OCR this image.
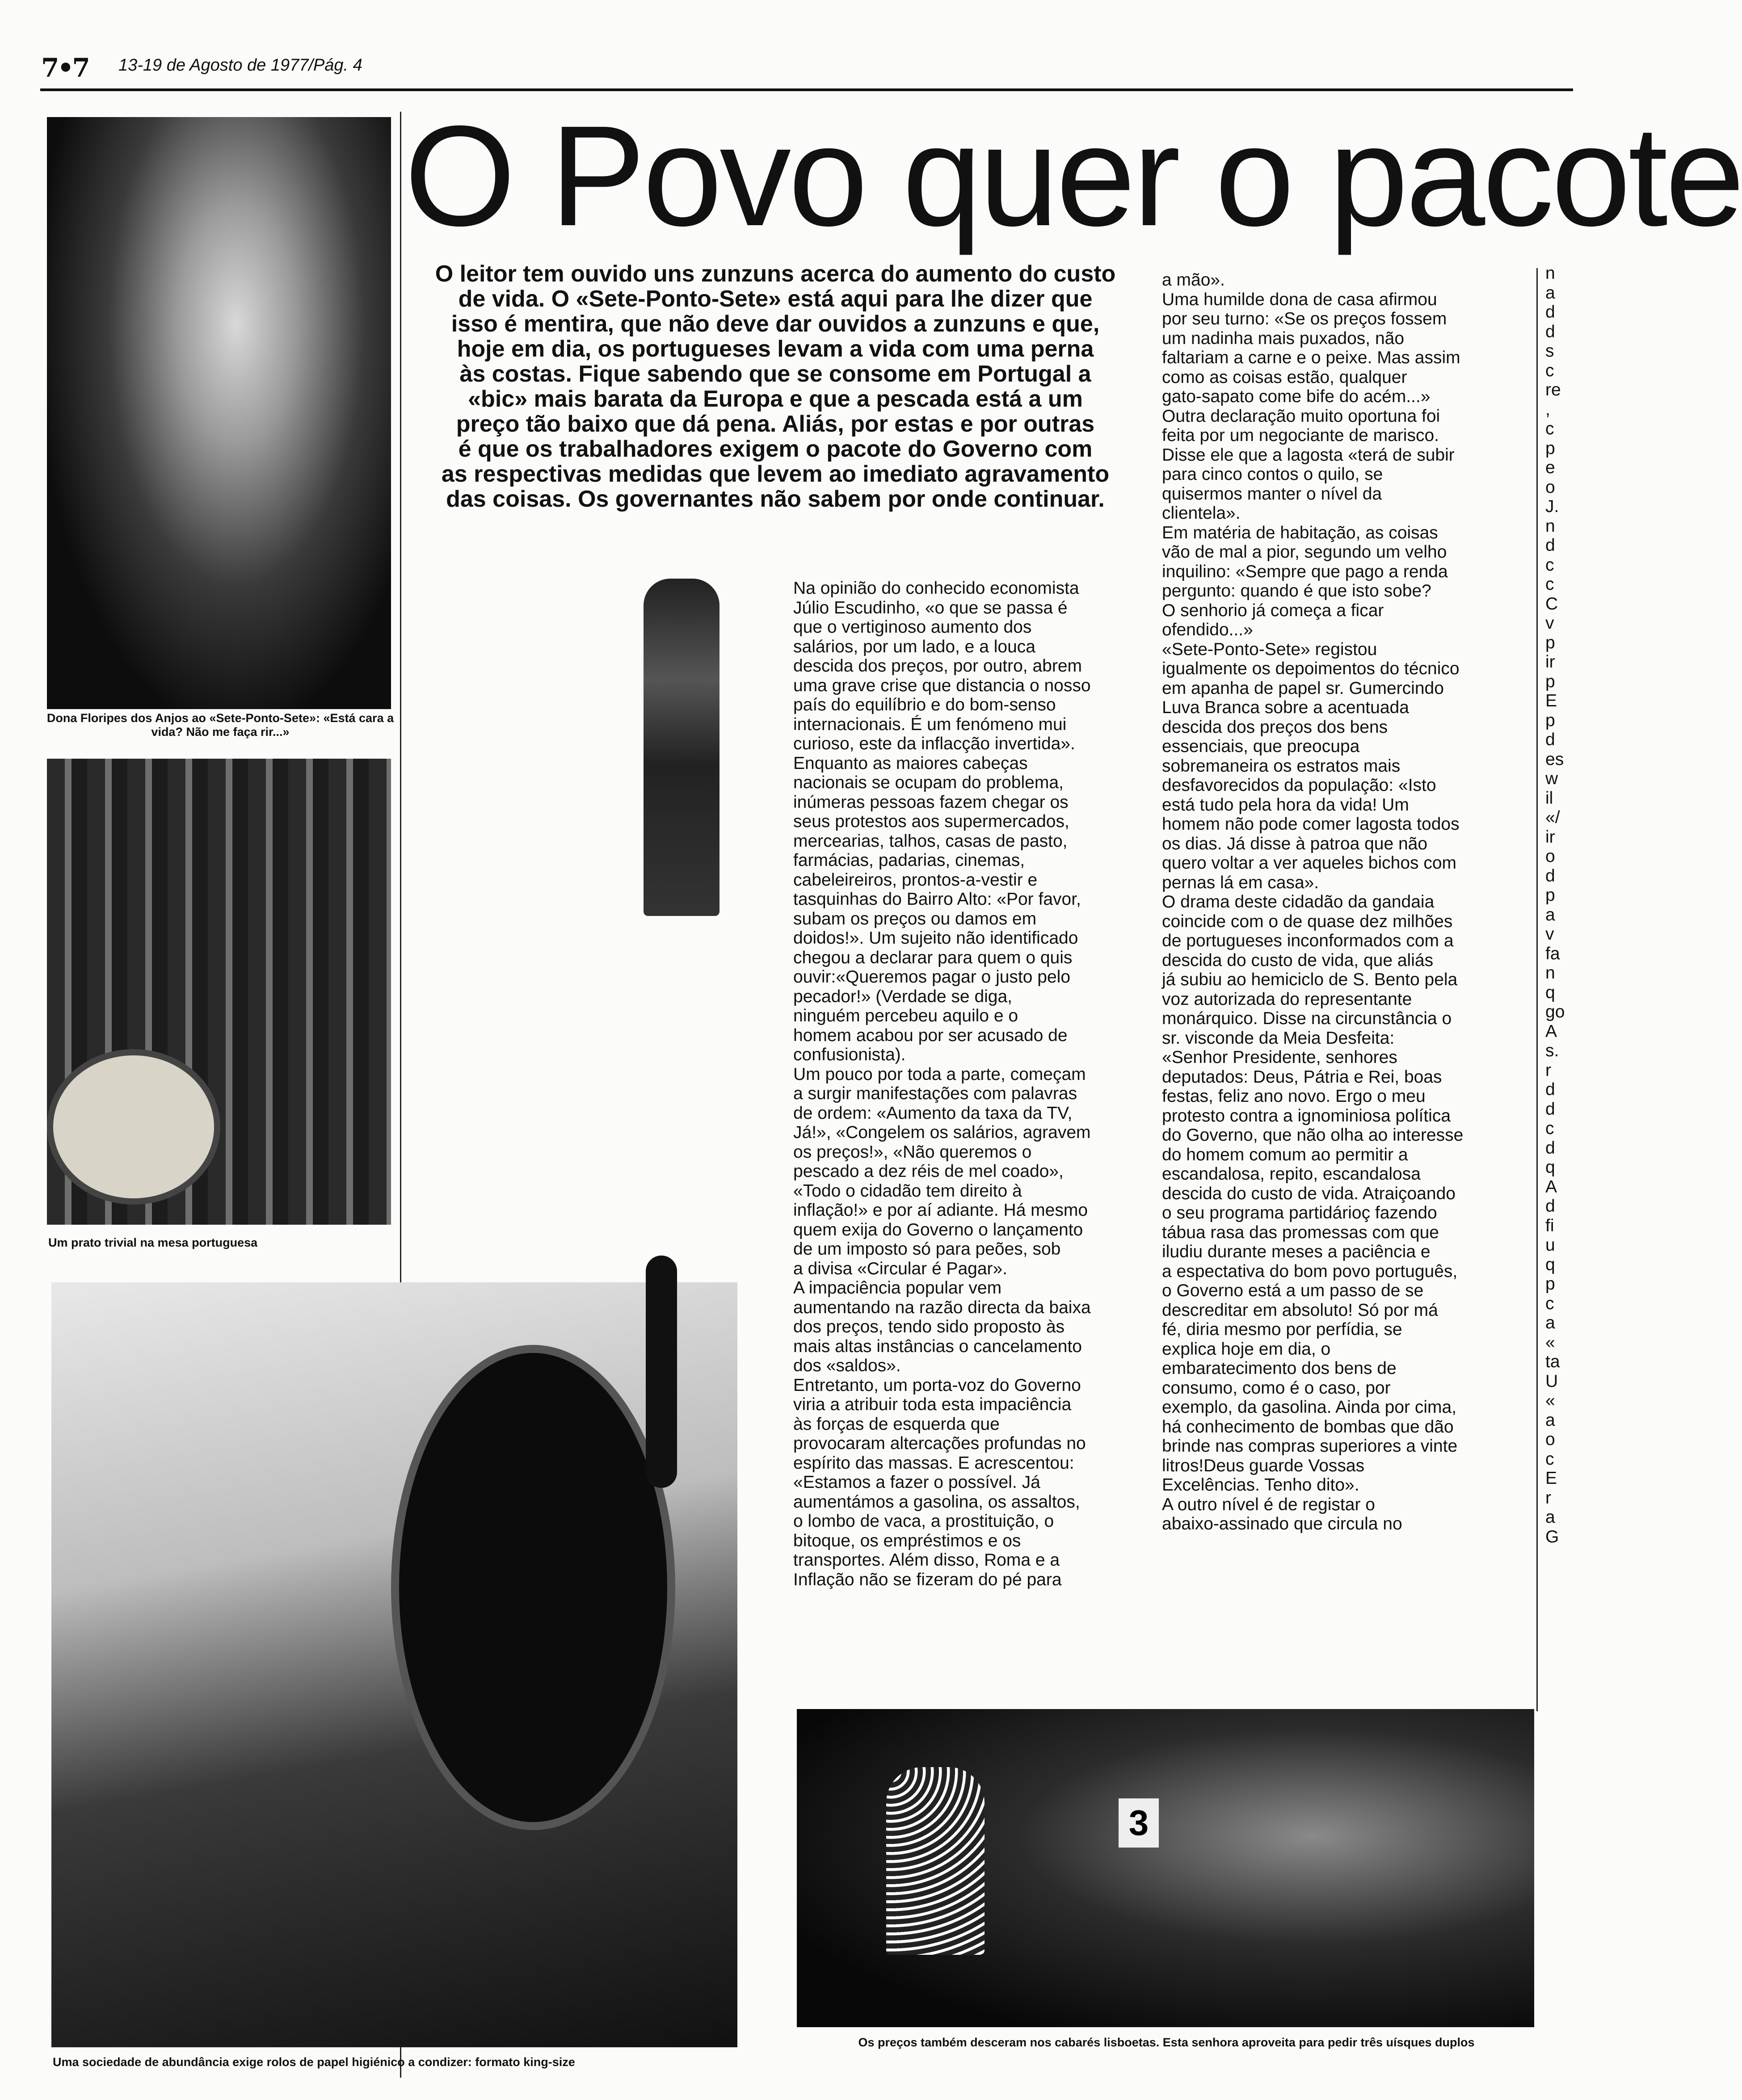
7•7 13-19 de Agosto de 1977/Pág. 4
O Povo quer o pacote
O leitor tem ouvido uns zunzuns acerca do aumento do custo
de vida. O «Sete-Ponto-Sete» está aqui para lhe dizer que
isso é mentira, que não deve dar ouvidos a zunzuns e que,
hoje em dia, os portugueses levam a vida com uma perna
às costas. Fique sabendo que se consome em Portugal a
«bic» mais barata da Europa e que a pescada está a um
preço tão baixo que dá pena. Aliás, por estas e por outras
é que os trabalhadores exigem o pacote do Governo com
as respectivas medidas que levem ao imediato agravamento
das coisas. Os governantes não sabem por onde continuar.
Na opinião do conhecido economista
Júlio Escudinho, «o que se passa é
que o vertiginoso aumento dos
salários, por um lado, e a louca
descida dos preços, por outro, abrem
uma grave crise que distancia o nosso
país do equilíbrio e do bom-senso
internacionais. É um fenómeno mui
curioso, este da inflacção invertida».
Enquanto as maiores cabeças
nacionais se ocupam do problema,
inúmeras pessoas fazem chegar os
seus protestos aos supermercados,
mercearias, talhos, casas de pasto,
farmácias, padarias, cinemas,
cabeleireiros, prontos-a-vestir e
tasquinhas do Bairro Alto: «Por favor,
subam os preços ou damos em
doidos!». Um sujeito não identificado
chegou a declarar para quem o quis
ouvir:«Queremos pagar o justo pelo
pecador!» (Verdade se diga,
ninguém percebeu aquilo e o
homem acabou por ser acusado de
confusionista).
Um pouco por toda a parte, começam
a surgir manifestações com palavras
de ordem: «Aumento da taxa da TV,
Já!», «Congelem os salários, agravem
os preços!», «Não queremos o
pescado a dez réis de mel coado»,
«Todo o cidadão tem direito à
inflação!» e por aí adiante. Há mesmo
quem exija do Governo o lançamento
de um imposto só para peões, sob
a divisa «Circular é Pagar».
A impaciência popular vem
aumentando na razão directa da baixa
dos preços, tendo sido proposto às
mais altas instâncias o cancelamento
dos «saldos».
Entretanto, um porta-voz do Governo
viria a atribuir toda esta impaciência
às forças de esquerda que
provocaram altercações profundas no
espírito das massas. E acrescentou:
«Estamos a fazer o possível. Já
aumentámos a gasolina, os assaltos,
o lombo de vaca, a prostituição, o
bitoque, os empréstimos e os
transportes. Além disso, Roma e a
Inflação não se fizeram do pé para
a mão».
Uma humilde dona de casa afirmou
por seu turno: «Se os preços fossem
um nadinha mais puxados, não
faltariam a carne e o peixe. Mas assim
como as coisas estão, qualquer
gato-sapato come bife do acém...»
Outra declaração muito oportuna foi
feita por um negociante de marisco.
Disse ele que a lagosta «terá de subir
para cinco contos o quilo, se
quisermos manter o nível da
clientela».
Em matéria de habitação, as coisas
vão de mal a pior, segundo um velho
inquilino: «Sempre que pago a renda
pergunto: quando é que isto sobe?
O senhorio já começa a ficar
ofendido...»
«Sete-Ponto-Sete» registou
igualmente os depoimentos do técnico
em apanha de papel sr. Gumercindo
Luva Branca sobre a acentuada
descida dos preços dos bens
essenciais, que preocupa
sobremaneira os estratos mais
desfavorecidos da população: «Isto
está tudo pela hora da vida! Um
homem não pode comer lagosta todos
os dias. Já disse à patroa que não
quero voltar a ver aqueles bichos com
pernas lá em casa».
O drama deste cidadão da gandaia
coincide com o de quase dez milhões
de portugueses inconformados com a
descida do custo de vida, que aliás
já subiu ao hemiciclo de S. Bento pela
voz autorizada do representante
monárquico. Disse na circunstância o
sr. visconde da Meia Desfeita:
«Senhor Presidente, senhores
deputados: Deus, Pátria e Rei, boas
festas, feliz ano novo. Ergo o meu
protesto contra a ignominiosa política
do Governo, que não olha ao interesse
do homem comum ao permitir a
escandalosa, repito, escandalosa
descida do custo de vida. Atraiçoando
o seu programa partidárioç fazendo
tábua rasa das promessas com que
iludiu durante meses a paciência e
a espectativa do bom povo português,
o Governo está a um passo de se
descreditar em absoluto! Só por má
fé, diria mesmo por perfídia, se
explica hoje em dia, o
embaratecimento dos bens de
consumo, como é o caso, por
exemplo, da gasolina. Ainda por cima,
há conhecimento de bombas que dão
brinde nas compras superiores a vinte
litros!Deus guarde Vossas
Excelências. Tenho dito».
A outro nível é de registar o
abaixo-assinado que circula no
n
a
d
d
s
c
re
,
c
p
e
o
J.
n
d
c
c
C
v
p
ir
p
E
p
d
es
w
il
«/
ir
o
d
p
a
v
fa
n
q
go
A
s.
r
d
d
c
d
q
A
d
fi
u
q
p
c
a
«
ta
U
«
a
o
c
E
r
a
G
Dona Floripes dos Anjos ao «Sete-Ponto-Sete»: «Está cara a vida? Não me faça rir...»
Um prato trivial na mesa portuguesa
Uma sociedade de abundância exige rolos de papel higiénico a condizer: formato king-size
3
Os preços também desceram nos cabarés lisboetas. Esta senhora aproveita para pedir três uísques duplos
